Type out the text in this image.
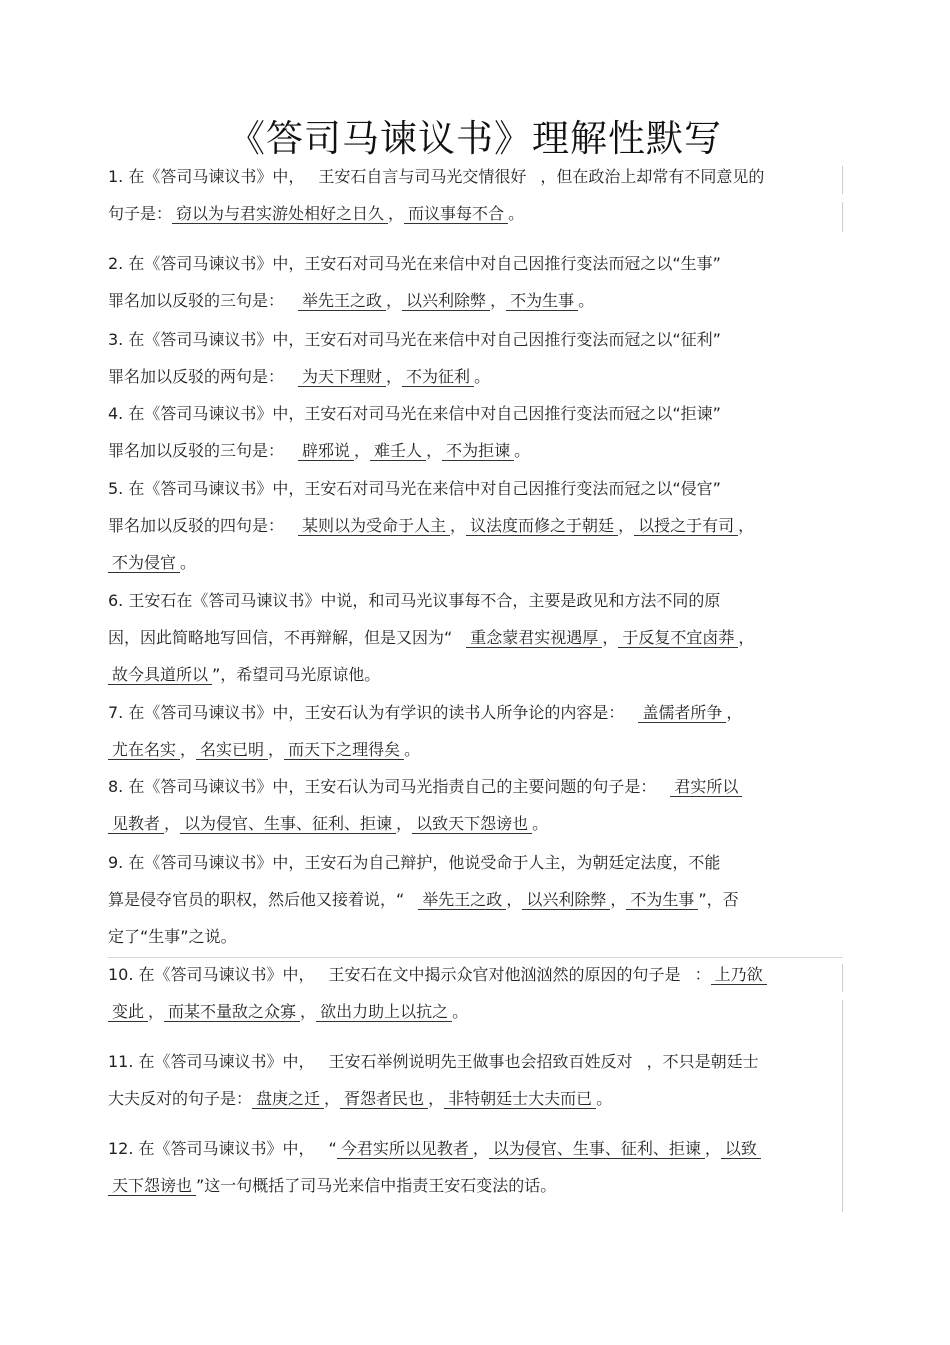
《答司马谏议书》理解性默写
1. 在《答司马谏议书》中， 王安石自言与司马光交情很好 ，但在政治上却常有不同意见的
句子是： 窃以为与君实游处相好之日久 ， 而议事每不合 。
2. 在《答司马谏议书》中，王安石对司马光在来信中对自己因推行变法而冠之以“生事”
罪名加以反驳的三句是： 举先王之政 ， 以兴利除弊 ， 不为生事 。
3. 在《答司马谏议书》中，王安石对司马光在来信中对自己因推行变法而冠之以“征利”
罪名加以反驳的两句是： 为天下理财 ， 不为征利 。
4. 在《答司马谏议书》中，王安石对司马光在来信中对自己因推行变法而冠之以“拒谏”
罪名加以反驳的三句是： 辟邪说 ， 难壬人 ， 不为拒谏 。
5. 在《答司马谏议书》中，王安石对司马光在来信中对自己因推行变法而冠之以“侵官”
罪名加以反驳的四句是： 某则以为受命于人主 ， 议法度而修之于朝廷 ， 以授之于有司 ，
不为侵官 。
6. 王安石在《答司马谏议书》中说，和司马光议事每不合，主要是政见和方法不同的原
因，因此简略地写回信，不再辩解，但是又因为“ 重念蒙君实视遇厚 ， 于反复不宜卤莽 ，
故今具道所以 ”，希望司马光原谅他。
7. 在《答司马谏议书》中，王安石认为有学识的读书人所争论的内容是： 盖儒者所争 ，
尤在名实 ， 名实已明 ， 而天下之理得矣 。
8. 在《答司马谏议书》中，王安石认为司马光指责自己的主要问题的句子是： 君实所以
见教者 ， 以为侵官、生事、征利、拒谏 ， 以致天下怨谤也 。
9. 在《答司马谏议书》中，王安石为自己辩护，他说受命于人主，为朝廷定法度，不能
算是侵夺官员的职权，然后他又接着说，“ 举先王之政 ， 以兴利除弊 ， 不为生事 ”，否
定了“生事”之说。
10. 在《答司马谏议书》中， 王安石在文中揭示众官对他汹汹然的原因的句子是 ： 上乃欲
变此 ， 而某不量敌之众寡 ， 欲出力助上以抗之 。
11. 在《答司马谏议书》中， 王安石举例说明先王做事也会招致百姓反对 ，不只是朝廷士
大夫反对的句子是： 盘庚之迁 ， 胥怨者民也 ， 非特朝廷士大夫而已 。
12. 在《答司马谏议书》中， “ 今君实所以见教者 ， 以为侵官、生事、征利、拒谏 ， 以致
天下怨谤也 ”这一句概括了司马光来信中指责王安石变法的话。
